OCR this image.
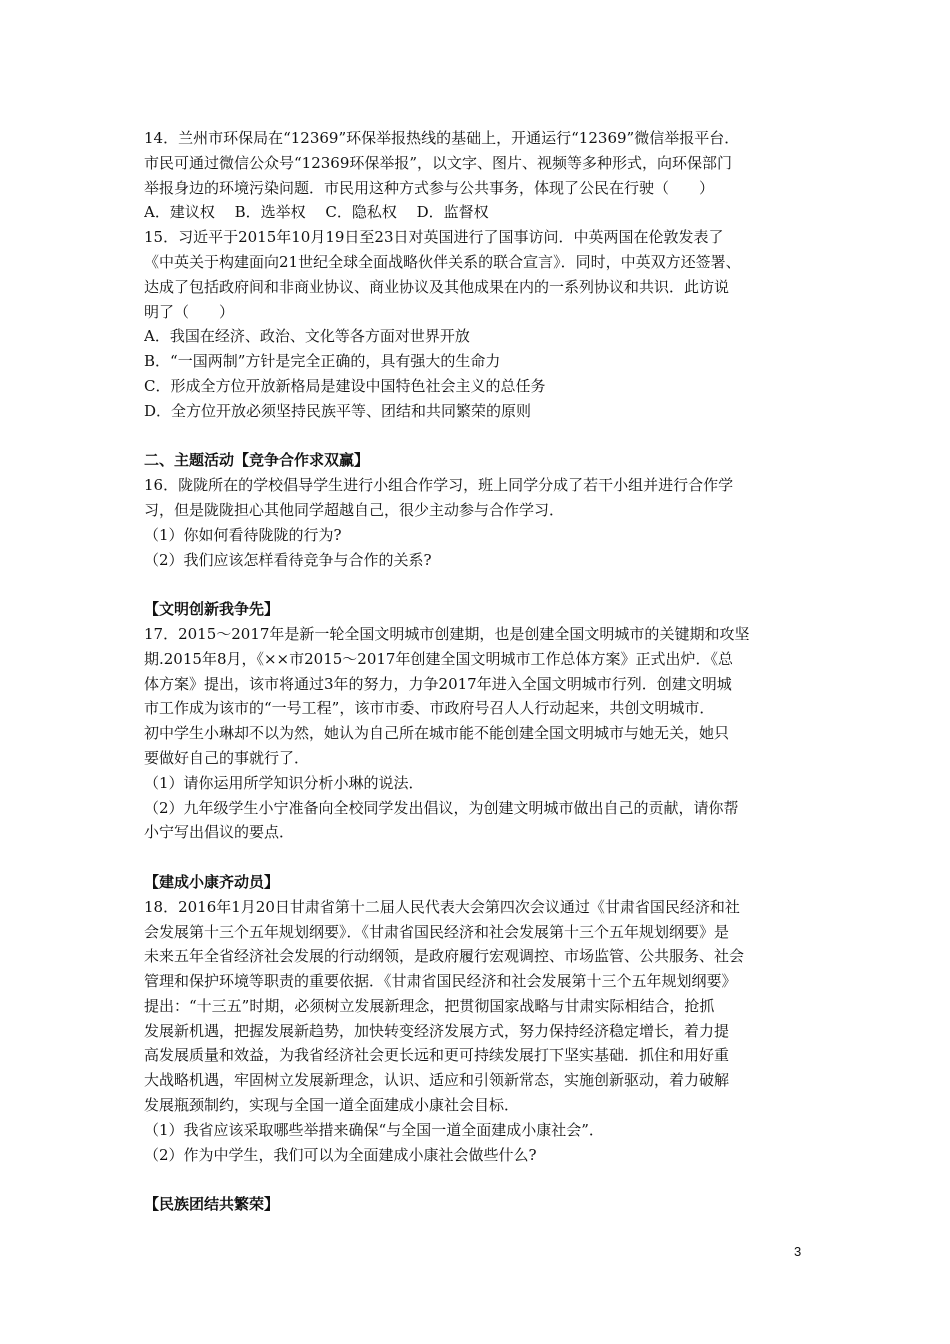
14．兰州市环保局在“12369”环保举报热线的基础上，开通运行“12369”微信举报平台．
市民可通过微信公众号“12369环保举报”，以文字、图片、视频等多种形式，向环保部门
举报身边的环境污染问题．市民用这种方式参与公共事务，体现了公民在行驶（　　）
A．建议权　 B．选举权　 C．隐私权　 D．监督权
15．习近平于2015年10月19日至23日对英国进行了国事访问．中英两国在伦敦发表了
《中英关于构建面向21世纪全球全面战略伙伴关系的联合宣言》．同时，中英双方还签署、
达成了包括政府间和非商业协议、商业协议及其他成果在内的一系列协议和共识．此访说
明了（　　）
A．我国在经济、政治、文化等各方面对世界开放
B．“一国两制”方针是完全正确的，具有强大的生命力
C．形成全方位开放新格局是建设中国特色社会主义的总任务
D．全方位开放必须坚持民族平等、团结和共同繁荣的原则
二、主题活动【竞争合作求双赢】
16．陇陇所在的学校倡导学生进行小组合作学习，班上同学分成了若干小组并进行合作学
习，但是陇陇担心其他同学超越自己，很少主动参与合作学习．
（1）你如何看待陇陇的行为?
（2）我们应该怎样看待竞争与合作的关系?
【文明创新我争先】
17．2015～2017年是新一轮全国文明城市创建期，也是创建全国文明城市的关键期和攻坚
期.2015年8月，《××市2015～2017年创建全国文明城市工作总体方案》正式出炉．《总
体方案》提出，该市将通过3年的努力，力争2017年进入全国文明城市行列．创建文明城
市工作成为该市的“一号工程”，该市市委、市政府号召人人行动起来，共创文明城市．
初中学生小琳却不以为然，她认为自己所在城市能不能创建全国文明城市与她无关，她只
要做好自己的事就行了．
（1）请你运用所学知识分析小琳的说法．
（2）九年级学生小宁准备向全校同学发出倡议，为创建文明城市做出自己的贡献，请你帮
小宁写出倡议的要点．
【建成小康齐动员】
18．2016年1月20日甘肃省第十二届人民代表大会第四次会议通过《甘肃省国民经济和社
会发展第十三个五年规划纲要》．《甘肃省国民经济和社会发展第十三个五年规划纲要》是
未来五年全省经济社会发展的行动纲领，是政府履行宏观调控、市场监管、公共服务、社会
管理和保护环境等职责的重要依据．《甘肃省国民经济和社会发展第十三个五年规划纲要》
提出：“十三五”时期，必须树立发展新理念，把贯彻国家战略与甘肃实际相结合，抢抓
发展新机遇，把握发展新趋势，加快转变经济发展方式，努力保持经济稳定增长，着力提
高发展质量和效益，为我省经济社会更长远和更可持续发展打下坚实基础．抓住和用好重
大战略机遇，牢固树立发展新理念，认识、适应和引领新常态，实施创新驱动，着力破解
发展瓶颈制约，实现与全国一道全面建成小康社会目标．
（1）我省应该采取哪些举措来确保“与全国一道全面建成小康社会”．
（2）作为中学生，我们可以为全面建成小康社会做些什么?
【民族团结共繁荣】
3
